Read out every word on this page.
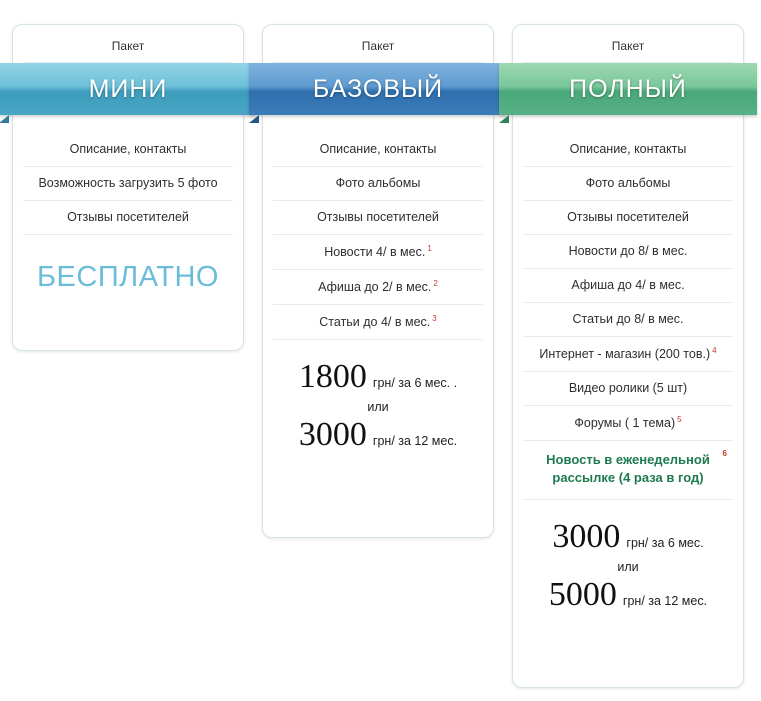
Пакет
МИНИ
Описание, контакты
Возможность загрузить 5 фото
Отзывы посетителей
БЕСПЛАТНО
Пакет
БАЗОВЫЙ
Описание, контакты
Фото альбомы
Отзывы посетителей
Новости 4/ в мес. $^1$
Афиша до 2/ в мес. $^2$
Статьи до 4/ в мес. $^3$
1800 грн/ за 6 мес. .
или
3000 грн/ за 12 мес.
Пакет
ПОЛНЫЙ
Описание, контакты
Фото альбомы
Отзывы посетителей
Новости до 8/ в мес.
Афиша до 4/ в мес.
Статьи до 8/ в мес.
Интернет - магазин (200 тов.) $^4$
Видео ролики (5 шт)
Форумы ( 1 тема) $^5$
6
Новость в еженедельной рассылке (4 раза в год)
3000 грн/ за 6 мес.
или
5000 грн/ за 12 мес.
